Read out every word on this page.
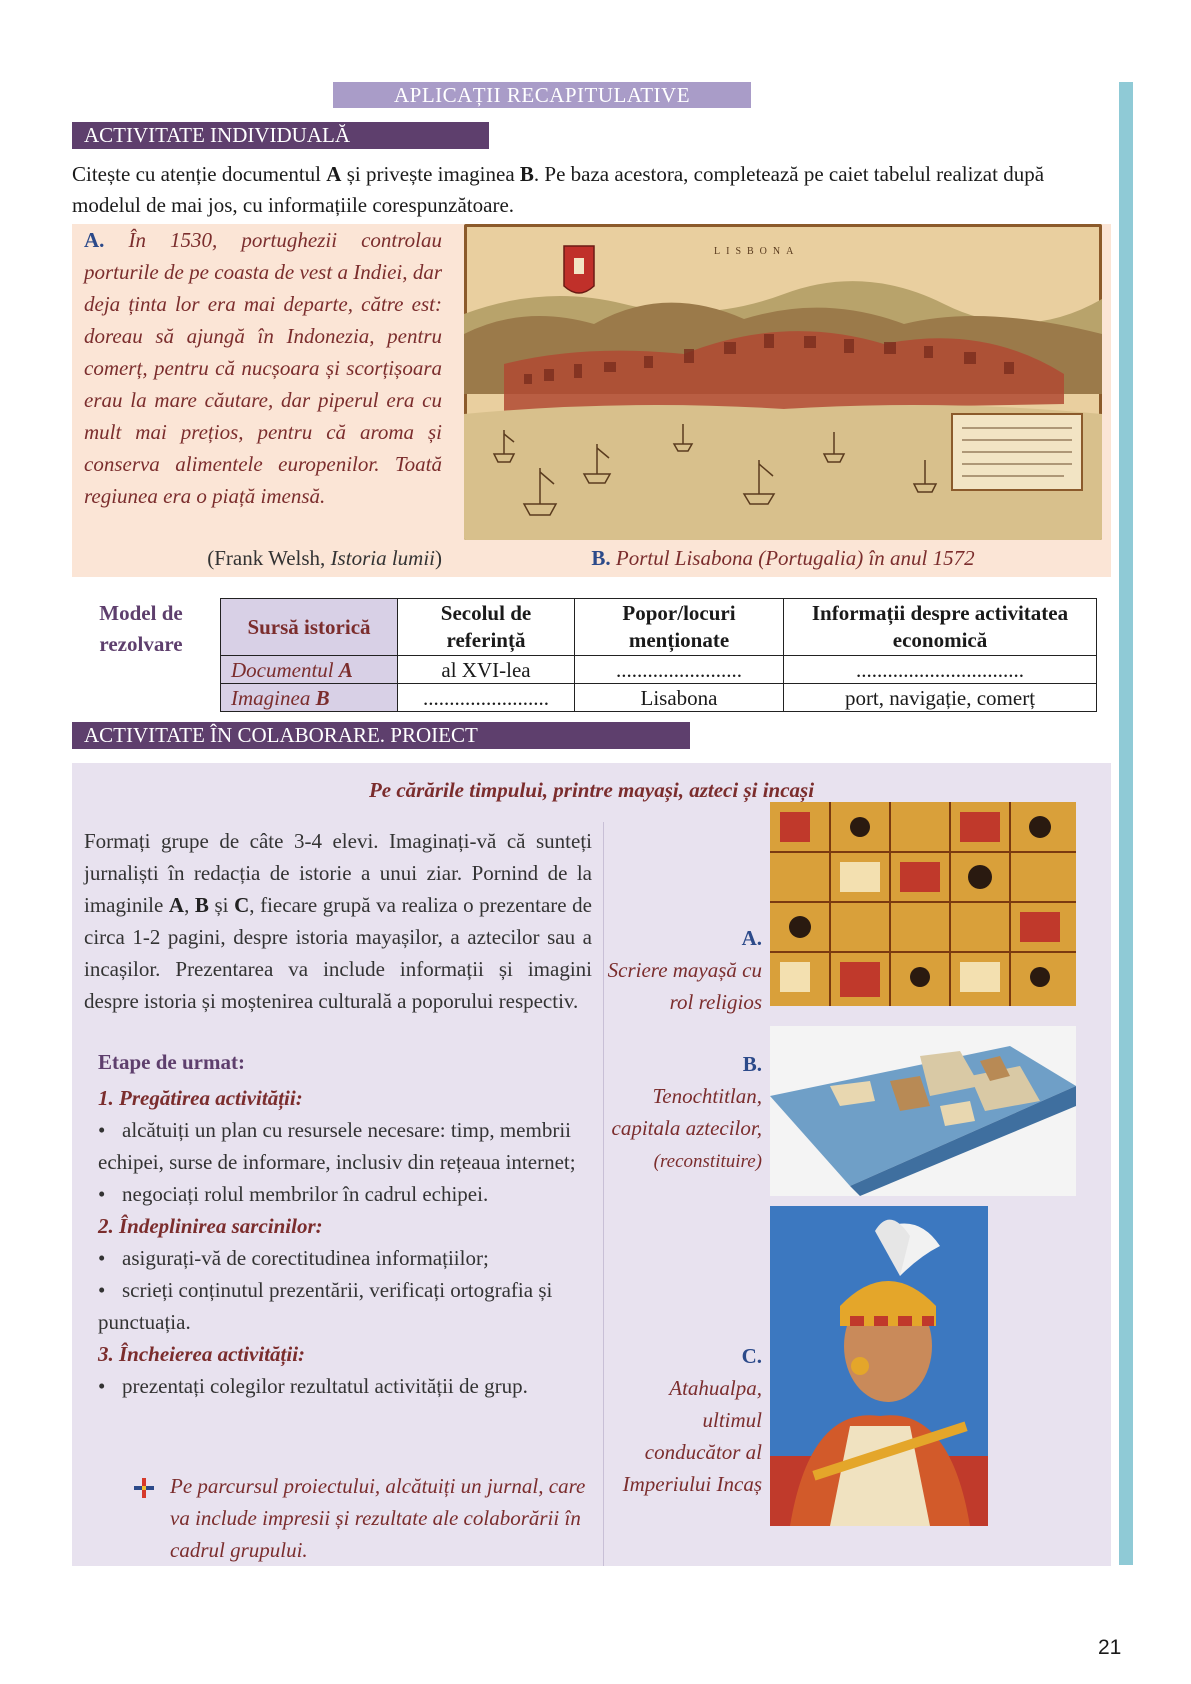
APLICAȚII RECAPITULATIVE
ACTIVITATE INDIVIDUALĂ
Citește cu atenție documentul A și privește imaginea B. Pe baza acestora, completează pe caiet tabelul realizat după modelul de mai jos, cu informațiile corespunzătoare.
A. În 1530, portughezii controlau porturile de pe coasta de vest a Indiei, dar deja ținta lor era mai departe, către est: doreau să ajungă în Indonezia, pentru comerț, pentru că nucșoara și scorțișoara erau la mare căutare, dar piperul era cu mult mai prețios, pentru că aroma și conserva alimentele europenilor. Toată regiunea era o piață imensă.
(Frank Welsh, Istoria lumii)
LISBONA
B. Portul Lisabona (Portugalia) în anul 1572
Model de rezolvare
Sursă istorică	Secolul de referință	Popor/locuri menționate	Informații despre activitatea economică
Documentul A	al XVI-lea	........................	................................
Imaginea B	........................	Lisabona	port, navigație, comerț
ACTIVITATE ÎN COLABORARE. PROIECT
Pe cărările timpului, printre mayași, azteci și incași
Formați grupe de câte 3-4 elevi. Imaginați-vă că sunteți jurnaliști în redacția de istorie a unui ziar. Pornind de la imaginile A, B și C, fiecare grupă va realiza o prezentare de circa 1-2 pagini, despre istoria mayașilor, a aztecilor sau a incașilor. Prezentarea va include informații și imagini despre istoria și moștenirea culturală a poporului respectiv.
Etape de urmat:
1. Pregătirea activității:
• alcătuiți un plan cu resursele necesare: timp, membrii echipei, surse de informare, inclusiv din rețeaua internet;
• negociați rolul membrilor în cadrul echipei.
2. Îndeplinirea sarcinilor:
• asigurați-vă de corectitudinea informațiilor;
• scrieți conținutul prezentării, verificați ortografia și punctuația.
3. Încheierea activității:
• prezentați colegilor rezultatul activității de grup.
Pe parcursul proiectului, alcătuiți un jurnal, care va include impresii și rezultate ale colaborării în cadrul grupului.
A.
Scriere mayașă cu rol religios
B.
Tenochtitlan, capitala aztecilor,
(reconstituire)
C.
Atahualpa, ultimul conducător al Imperiului Incaș
21
